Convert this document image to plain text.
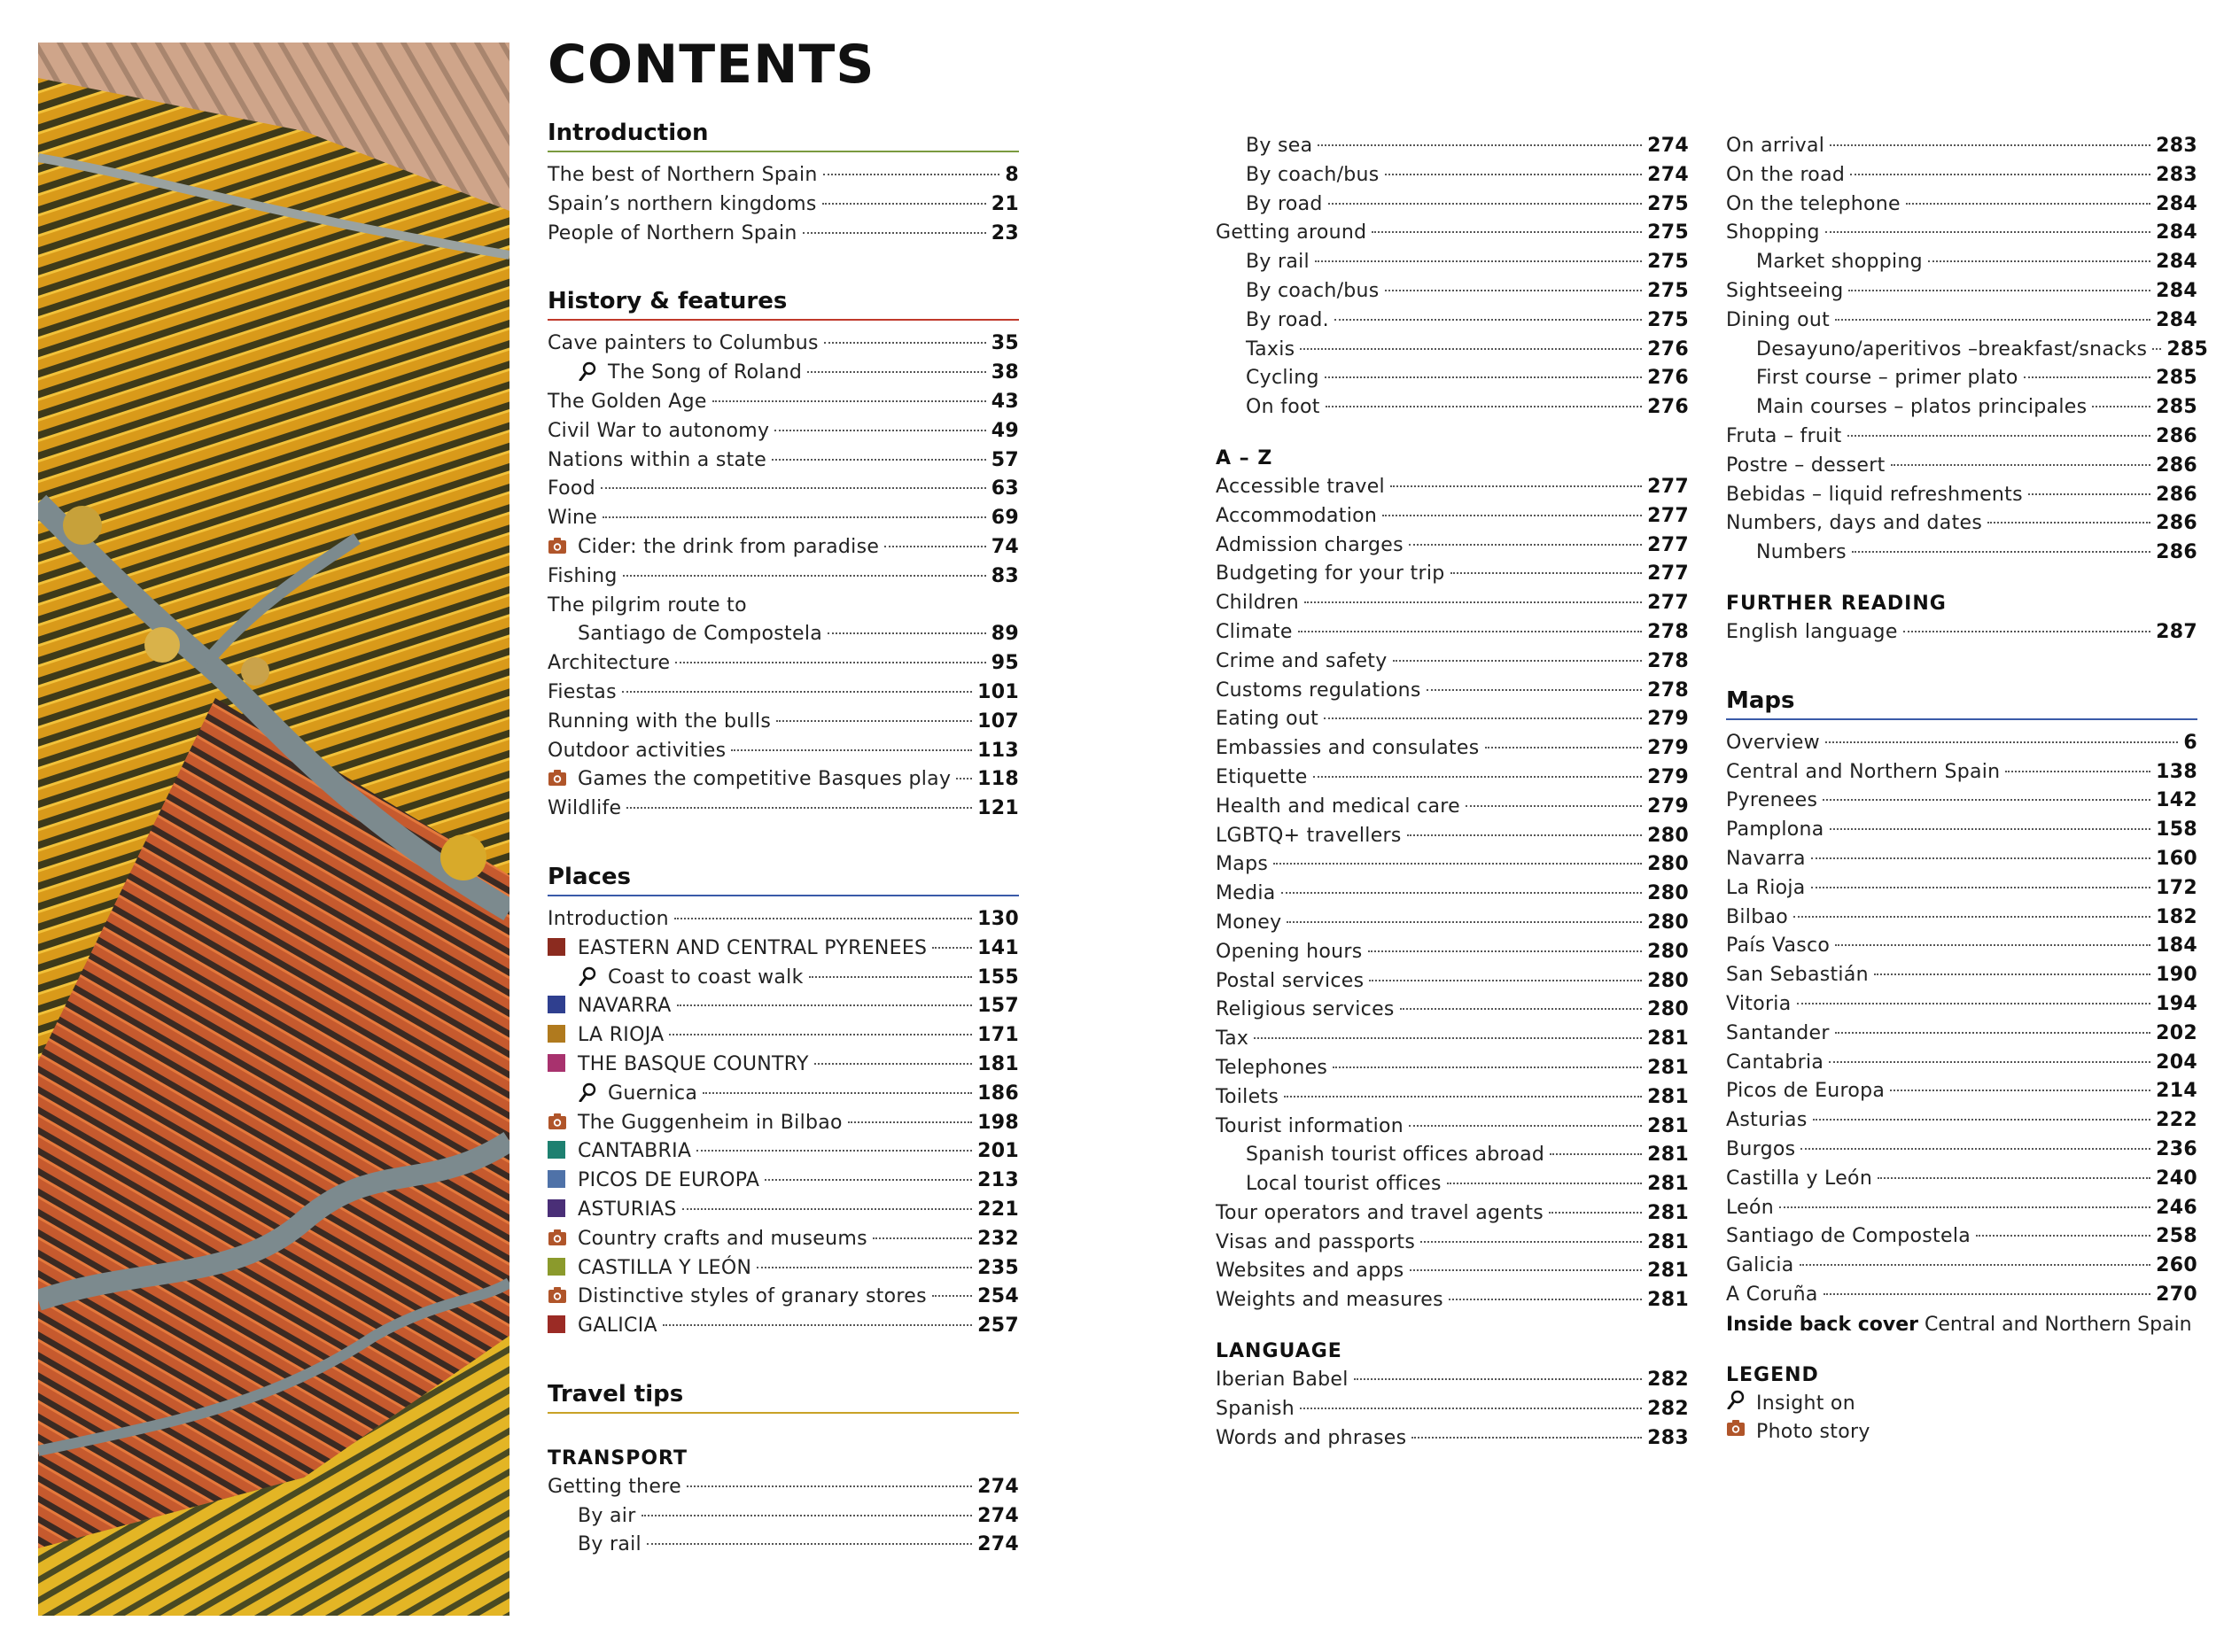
CONTENTS
Introduction
The best of Northern Spain	8
Spain’s northern kingdoms	21
People of Northern Spain	23
History & features
Cave painters to Columbus	35
The Song of Roland	38
The Golden Age	43
Civil War to autonomy	49
Nations within a state	57
Food	63
Wine	69
Cider: the drink from paradise	74
Fishing	83
The pilgrim route to
Santiago de Compostela	89
Architecture	95
Fiestas	101
Running with the bulls	107
Outdoor activities	113
Games the competitive Basques play 118
Wildlife	121
Places
Introduction	130
EASTERN AND CENTRAL PYRENEES	141
Coast to coast walk	155
NAVARRA	157
LA RIOJA	171
THE BASQUE COUNTRY	181
Guernica	186
The Guggenheim in Bilbao	198
CANTABRIA	201
PICOS DE EUROPA	213
ASTURIAS	221
Country crafts and museums	232
CASTILLA Y LEÓN	235
Distinctive styles of granary stores	254
GALICIA	257
Travel tips
TRANSPORT
Getting there	274
By air	274
By rail	274
By sea	274
By coach/bus	274
By road	275
Getting around	275
By rail	275
By coach/bus	275
By road.	275
Taxis	276
Cycling	276
On foot	276
A – Z
Accessible travel	277
Accommodation	277
Admission charges	277
Budgeting for your trip	277
Children	277
Climate	278
Crime and safety	278
Customs regulations	278
Eating out	279
Embassies and consulates	279
Etiquette	279
Health and medical care	279
LGBTQ+ travellers	280
Maps	280
Media	280
Money	280
Opening hours	280
Postal services	280
Religious services	280
Tax	281
Telephones	281
Toilets	281
Tourist information	281
Spanish tourist offices abroad	281
Local tourist offices	281
Tour operators and travel agents	281
Visas and passports	281
Websites and apps	281
Weights and measures	281
LANGUAGE
Iberian Babel	282
Spanish	282
Words and phrases	283
On arrival	283
On the road	283
On the telephone	284
Shopping	284
Market shopping	284
Sightseeing	284
Dining out	284
Desayuno/aperitivos –breakfast/snacks 285
First course – primer plato	285
Main courses – platos principales	285
Fruta – fruit	286
Postre – dessert	286
Bebidas – liquid refreshments	286
Numbers, days and dates	286
Numbers	286
FURTHER READING
English language	287
Maps
Overview	6
Central and Northern Spain	138
Pyrenees	142
Pamplona	158
Navarra	160
La Rioja	172
Bilbao	182
País Vasco	184
San Sebastián	190
Vitoria	194
Santander	202
Cantabria	204
Picos de Europa	214
Asturias	222
Burgos	236
Castilla y León	240
León	246
Santiago de Compostela	258
Galicia	260
A Coruña	270
Inside back cover Central and Northern Spain
LEGEND
Insight on
Photo story
